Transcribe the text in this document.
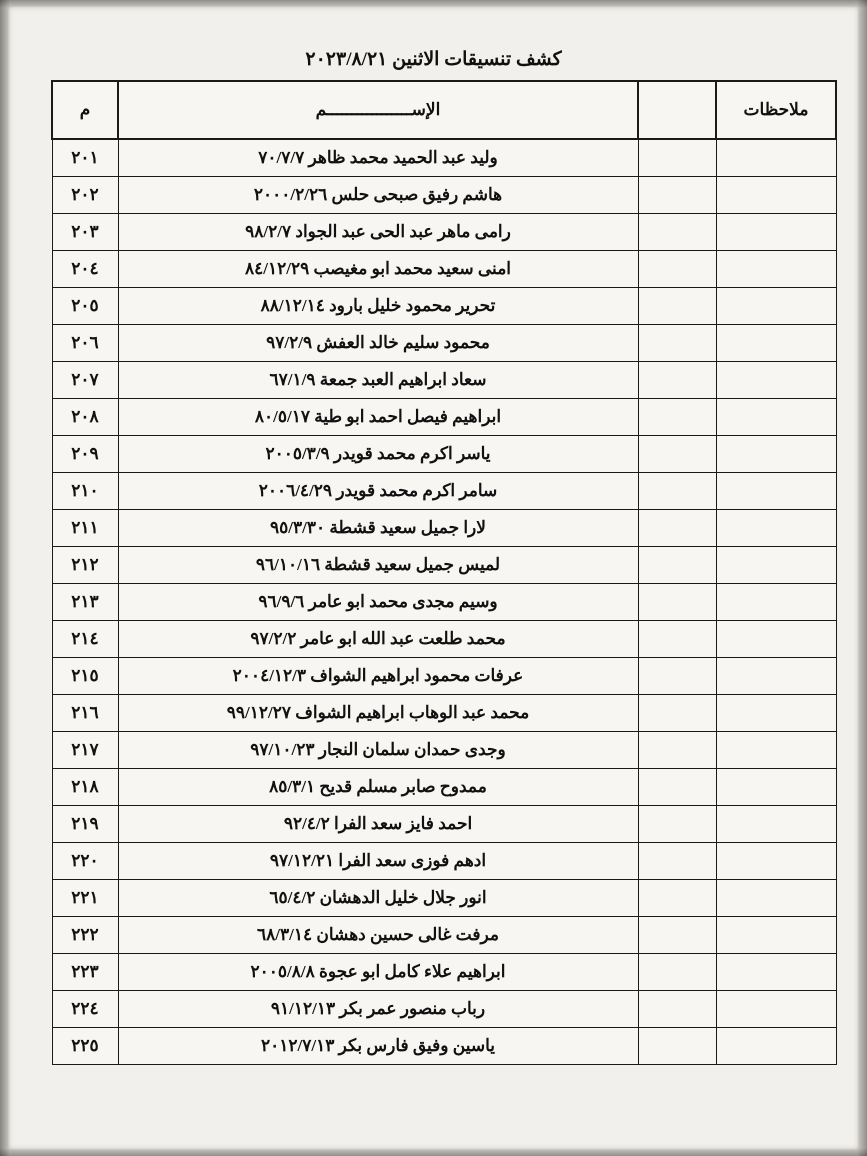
كشف تنسيقات الاثنين ٢٠٢٣/٨/٢١
ملاحظات		الإســـــــــــــــــم	م
		وليد عبد الحميد محمد ظاهر ٧٠/٧/٧	٢٠١
		هاشم رفيق صبحى حلس ٢٠٠٠/٢/٢٦	٢٠٢
		رامى ماهر عبد الحى عبد الجواد ٩٨/٢/٧	٢٠٣
		امنى سعيد محمد ابو مغيصب ٨٤/١٢/٢٩	٢٠٤
		تحرير محمود خليل بارود ٨٨/١٢/١٤	٢٠٥
		محمود سليم خالد العفش ٩٧/٢/٩	٢٠٦
		سعاد ابراهيم العبد جمعة ٦٧/١/٩	٢٠٧
		ابراهيم فيصل احمد ابو طية ٨٠/٥/١٧	٢٠٨
		ياسر اكرم محمد قويدر ٢٠٠٥/٣/٩	٢٠٩
		سامر اكرم محمد قويدر ٢٠٠٦/٤/٢٩	٢١٠
		لارا جميل سعيد قشطة ٩٥/٣/٣٠	٢١١
		لميس جميل سعيد قشطة ٩٦/١٠/١٦	٢١٢
		وسيم مجدى محمد ابو عامر ٩٦/٩/٦	٢١٣
		محمد طلعت عبد الله ابو عامر ٩٧/٢/٢	٢١٤
		عرفات محمود ابراهيم الشواف ٢٠٠٤/١٢/٣	٢١٥
		محمد عبد الوهاب ابراهيم الشواف ٩٩/١٢/٢٧	٢١٦
		وجدى حمدان سلمان النجار ٩٧/١٠/٢٣	٢١٧
		ممدوح صابر مسلم قديح ٨٥/٣/١	٢١٨
		احمد فايز سعد الفرا ٩٢/٤/٢	٢١٩
		ادهم فوزى سعد الفرا ٩٧/١٢/٢١	٢٢٠
		انور جلال خليل الدهشان ٦٥/٤/٢	٢٢١
		مرفت غالى حسين دهشان ٦٨/٣/١٤	٢٢٢
		ابراهيم علاء كامل ابو عجوة ٢٠٠٥/٨/٨	٢٢٣
		رباب منصور عمر بكر ٩١/١٢/١٣	٢٢٤
		ياسين وفيق فارس بكر ٢٠١٢/٧/١٣	٢٢٥
